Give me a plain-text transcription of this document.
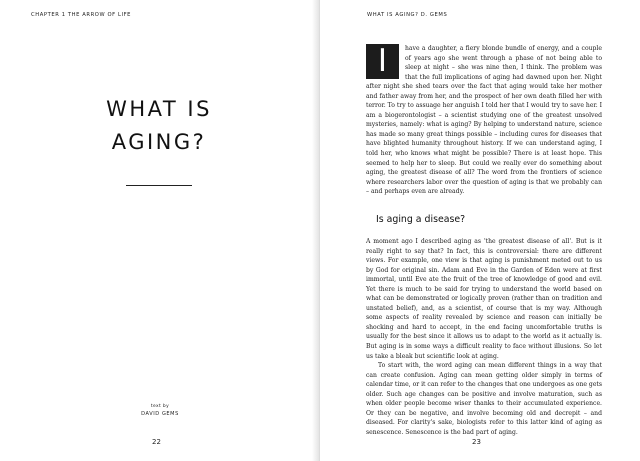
CHAPTER 1 THE ARROW OF LIFE
WHAT IS
AGING?
text by
DAVID GEMS
22
WHAT IS AGING? D. GEMS
I	have a daughter, a fiery blonde bundle of energy, and a couple of years ago she went through a phase of not being able to sleep at night – she was nine then, I think. The problem was that the full implications of aging had dawned upon her. Night after night she shed tears over the fact that aging would take her mother and father away from her, and the prospect of her own death filled her with terror. To try to assuage her anguish I told her that I would try to save her. I am a biogerontologist – a scientist studying one of the greatest unsolved mysteries, namely: what is aging? By helping to understand nature, science has made so many great things possible – including cures for diseases that have blighted humanity throughout history. If we can understand aging, I told her, who knows what might be possible? There is at least hope. This seemed to help her to sleep. But could we really ever do something about aging, the greatest disease of all? The word from the frontiers of science where researchers labor over the question of aging is that we probably can – and perhaps even are already.

Is aging a disease?

A moment ago I described aging as 'the greatest disease of all'. But is it really right to say that? In fact, this is controversial: there are different views. For example, one view is that aging is punishment meted out to us by God for original sin. Adam and Eve in the Garden of Eden were at first immortal, until Eve ate the fruit of the tree of knowledge of good and evil. Yet there is much to be said for trying to understand the world based on what can be demonstrated or logically proven (rather than on tradition and unstated belief), and, as a scientist, of course that is my way. Although some aspects of reality revealed by science and reason can initially be shocking and hard to accept, in the end facing uncomfortable truths is usually for the best since it allows us to adapt to the world as it actually is. But aging is in some ways a difficult reality to face without illusions. So let us take a bleak but scientific look at aging.

To start with, the word aging can mean different things in a way that can create confusion. Aging can mean getting older simply in terms of calendar time, or it can refer to the changes that one undergoes as one gets older. Such age changes can be positive and involve maturation, such as when older people become wiser thanks to their accumulated experience. Or they can be negative, and involve becoming old and decrepit – and diseased. For clarity's sake, biologists refer to this latter kind of aging as senescence. Senescence is the bad part of aging.

23
